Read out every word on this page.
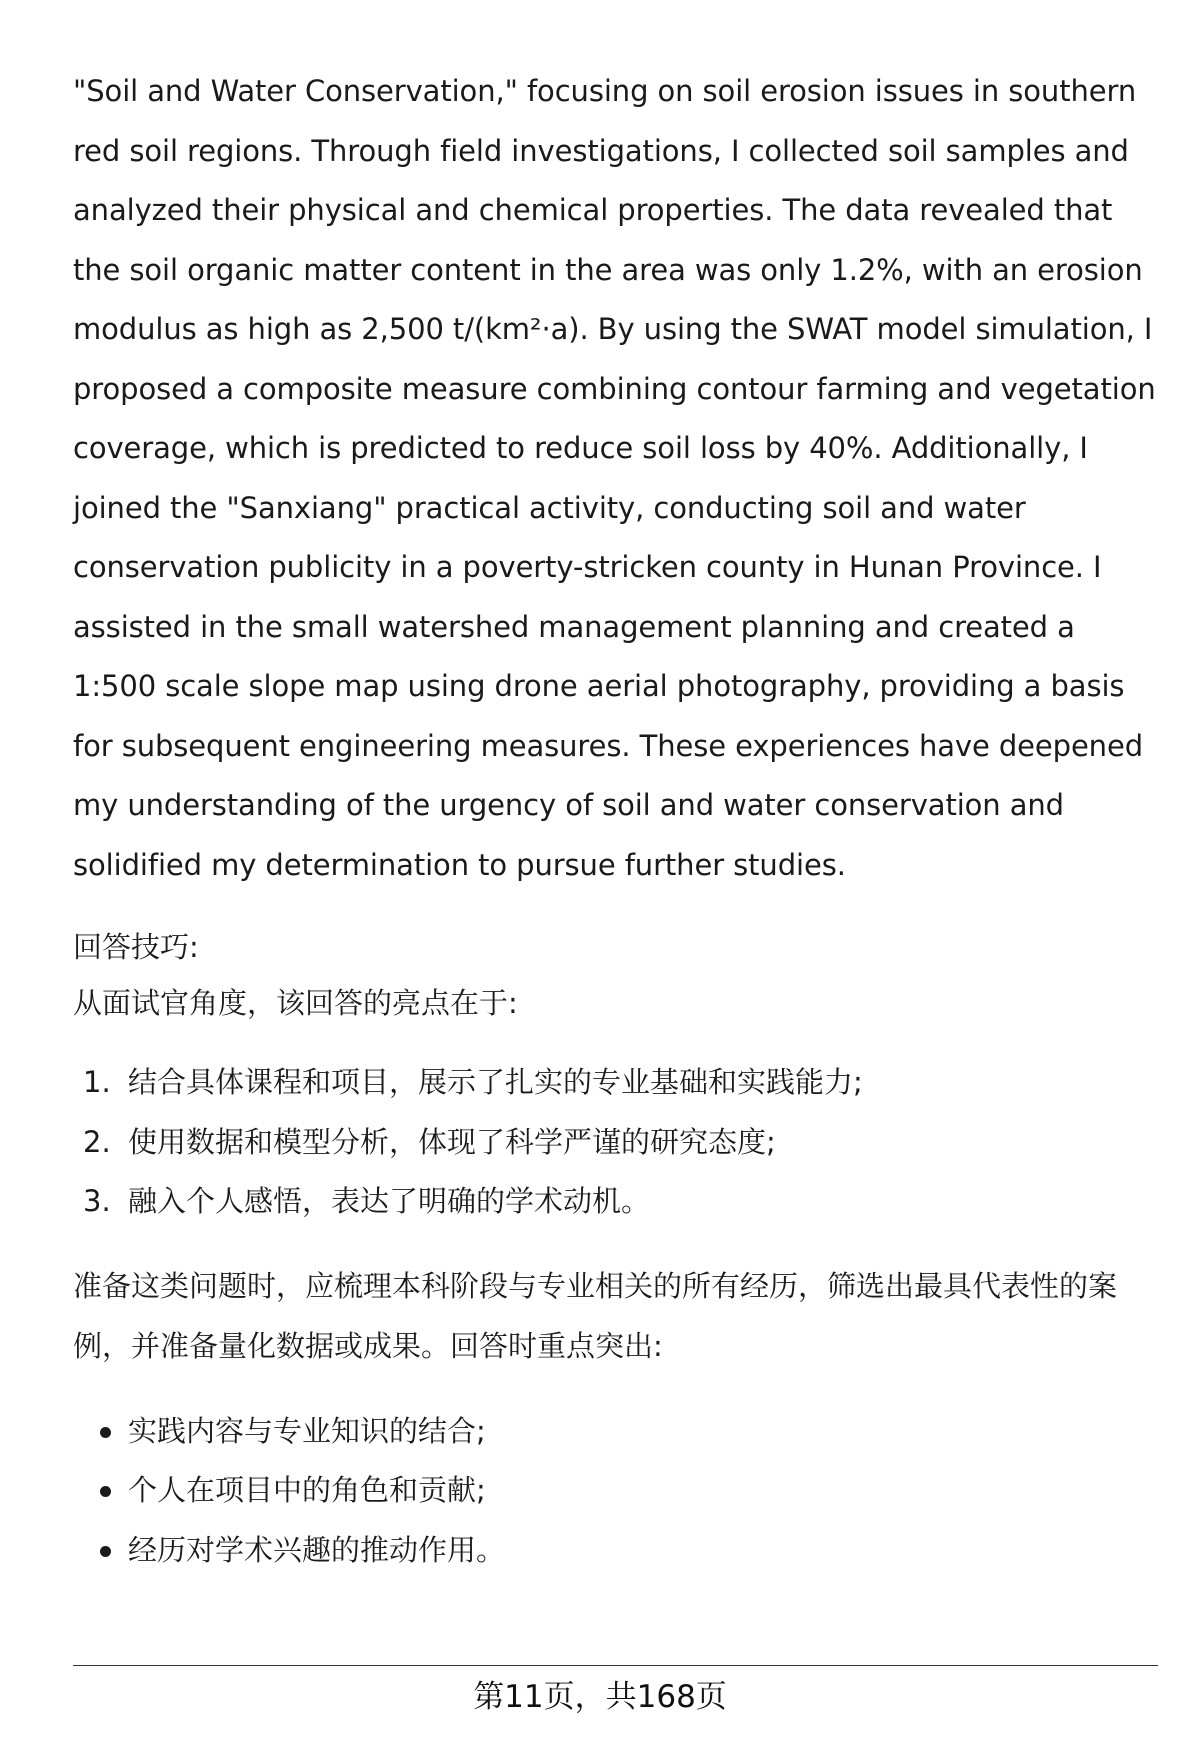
"Soil and Water Conservation," focusing on soil erosion issues in southern red soil regions. Through field investigations, I collected soil samples and analyzed their physical and chemical properties. The data revealed that the soil organic matter content in the area was only 1.2%, with an erosion modulus as high as 2,500 t/(km²·a). By using the SWAT model simulation, I proposed a composite measure combining contour farming and vegetation coverage, which is predicted to reduce soil loss by 40%. Additionally, I joined the "Sanxiang" practical activity, conducting soil and water conservation publicity in a poverty-stricken county in Hunan Province. I assisted in the small watershed management planning and created a 1:500 scale slope map using drone aerial photography, providing a basis for subsequent engineering measures. These experiences have deepened my understanding of the urgency of soil and water conservation and solidified my determination to pursue further studies.

回答技巧:

从面试官角度，该回答的亮点在于:

1. 结合具体课程和项目，展示了扎实的专业基础和实践能力;
2. 使用数据和模型分析，体现了科学严谨的研究态度;
3. 融入个人感悟，表达了明确的学术动机。

准备这类问题时，应梳理本科阶段与专业相关的所有经历，筛选出最具代表性的案例，并准备量化数据或成果。回答时重点突出:

实践内容与专业知识的结合;
个人在项目中的角色和贡献;
经历对学术兴趣的推动作用。
第11页，共168页
